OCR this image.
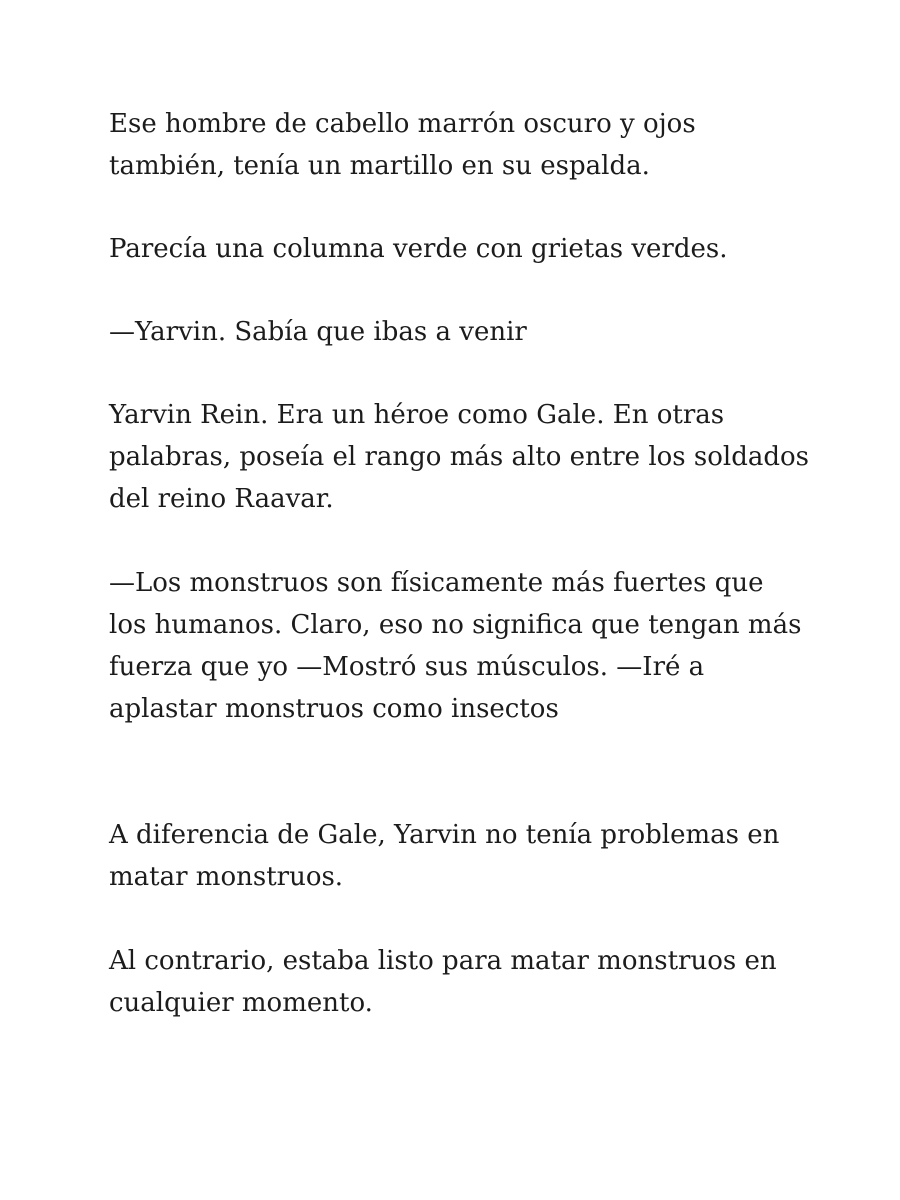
Ese hombre de cabello marrón oscuro y ojos también, tenía un martillo en su espalda.

Parecía una columna verde con grietas verdes.

—Yarvin. Sabía que ibas a venir

Yarvin Rein. Era un héroe como Gale. En otras palabras, poseía el rango más alto entre los soldados del reino Raavar.

—Los monstruos son físicamente más fuertes que los humanos. Claro, eso no significa que tengan más fuerza que yo —Mostró sus músculos. —Iré a aplastar monstruos como insectos

A diferencia de Gale, Yarvin no tenía problemas en matar monstruos.

Al contrario, estaba listo para matar monstruos en cualquier momento.
